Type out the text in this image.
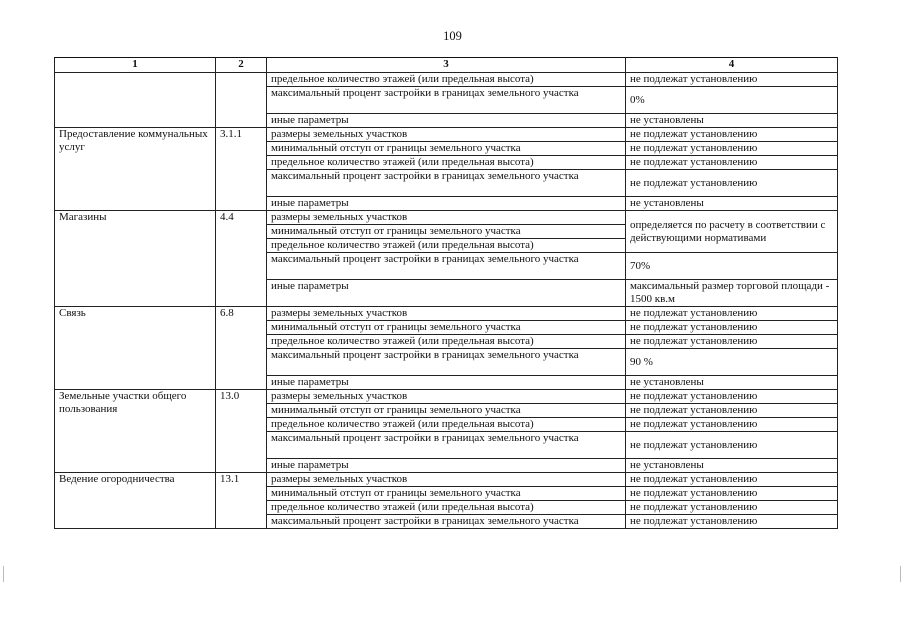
109
1	2	3	4
		предельное количество этажей (или предельная высота)	не подлежат установлению
		максимальный процент застройки в границах земельного участка	0%
		иные параметры	не установлены
Предоставление коммунальных услуг	3.1.1	размеры земельных участков	не подлежат установлению
		минимальный отступ от границы земельного участка	не подлежат установлению
		предельное количество этажей (или предельная высота)	не подлежат установлению
		максимальный процент застройки в границах земельного участка	не подлежат установлению
		иные параметры	не установлены
Магазины	4.4	размеры земельных участков	определяется по расчету в соответствии с действующими нормативами
		минимальный отступ от границы земельного участка	
		предельное количество этажей (или предельная высота)	
		максимальный процент застройки в границах земельного участка	70%
		иные параметры	максимальный размер торговой площади - 1500 кв.м
Связь	6.8	размеры земельных участков	не подлежат установлению
		минимальный отступ от границы земельного участка	не подлежат установлению
		предельное количество этажей (или предельная высота)	не подлежат установлению
		максимальный процент застройки в границах земельного участка	90 %
		иные параметры	не установлены
Земельные участки общего пользования	13.0	размеры земельных участков	не подлежат установлению
		минимальный отступ от границы земельного участка	не подлежат установлению
		предельное количество этажей (или предельная высота)	не подлежат установлению
		максимальный процент застройки в границах земельного участка	не подлежат установлению
		иные параметры	не установлены
Ведение огородничества	13.1	размеры земельных участков	не подлежат установлению
		минимальный отступ от границы земельного участка	не подлежат установлению
		предельное количество этажей (или предельная высота)	не подлежат установлению
		максимальный процент застройки в границах земельного участка	не подлежат установлению
